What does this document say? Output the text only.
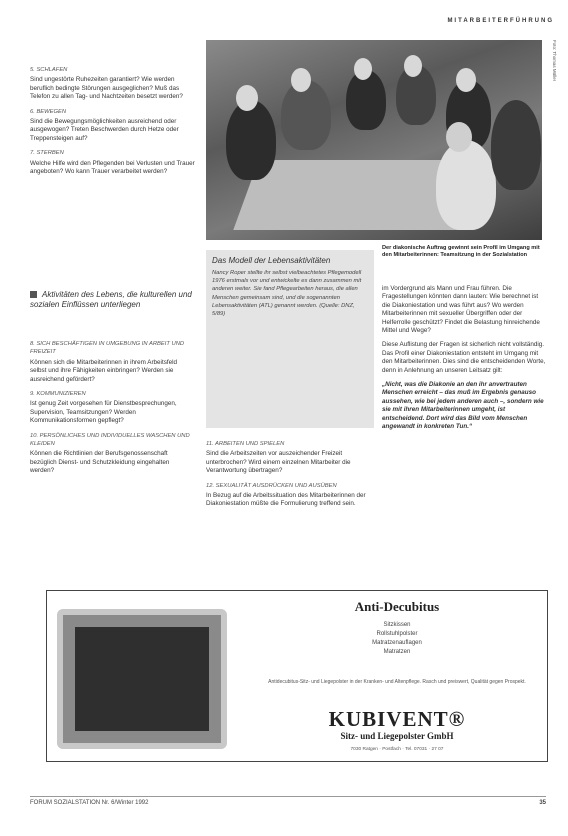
MITARBEITERFÜHRUNG
5. SCHLAFEN

Sind ungestörte Ruhezeiten garantiert? Wie werden beruflich bedingte Störungen ausgeglichen? Muß das Telefon zu allen Tag- und Nachtzeiten besetzt werden?

6. BEWEGEN

Sind die Bewegungsmöglichkeiten ausreichend oder ausgewogen? Treten Beschwerden durch Hetze oder Treppensteigen auf?

7. STERBEN

Welche Hilfe wird den Pflegenden bei Verlusten und Trauer angeboten? Wo kann Trauer verarbeitet werden?

Aktivitäten des Lebens, die kulturellen und sozialen Einflüssen unterliegen
8. SICH BESCHÄFTIGEN IN UMGEBUNG IN ARBEIT UND FREIZEIT

Können sich die Mitarbeiterinnen in ihrem Arbeitsfeld selbst und ihre Fähigkeiten einbringen? Werden sie ausreichend gefördert?

9. KOMMUNIZIEREN

Ist genug Zeit vorgesehen für Dienstbesprechungen, Supervision, Teamsitzungen? Werden Kommunikationsformen gepflegt?

10. PERSÖNLICHES UND INDIVIDUELLES WASCHEN UND KLEIDEN

Können die Richtlinien der Berufsgenossenschaft bezüglich Dienst- und Schutzkleidung eingehalten werden?

Foto: Thomas Müller
Der diakonische Auftrag gewinnt sein Profil im Umgang mit den Mitarbeiterinnen: Teamsitzung in der Sozialstation
Das Modell der Lebensaktivitäten
Nancy Roper stellte ihr selbst vielbeachtetes Pflegemodell 1976 erstmals vor und entwickelte es dann zusammen mit anderen weiter. Sie fand Pflegearbeiten heraus, die allen Menschen gemeinsam sind, und die sogenannten Lebensaktivitäten (ATL) genannt werden. (Quelle: DNZ, 5/89)
11. ARBEITEN UND SPIELEN

Sind die Arbeitszeiten vor auszeichender Freizeit unterbrochen? Wird einem einzelnen Mitarbeiter die Verantwortung übertragen?

12. SEXUALITÄT AUSDRÜCKEN UND AUSÜBEN

In Bezug auf die Arbeitssituation des Mitarbeiterinnen der Diakoniestation müßte die Formulierung treffend sein.

im Vordergrund als Mann und Frau führen. Die Fragestellungen könnten dann lauten: Wie berechnet ist die Diakoniestation und was führt aus? Wo werden Mitarbeiterinnen mit sexueller Übergriffen oder der Helferrolle geschützt? Findet die Belastung hinreichende Mittel und Wege?

Diese Auflistung der Fragen ist sicherlich nicht vollständig. Das Profil einer Diakoniestation entsteht im Umgang mit den Mitarbeiterinnen. Dies sind die entscheidenden Worte, denn in Anlehnung an unseren Leitsatz gilt:

„Nicht, was die Diakonie an den ihr anvertrauten Menschen erreicht – das muß im Ergebnis genauso aussehen, wie bei jedem anderen auch –, sondern wie sie mit ihren Mitarbeiterinnen umgeht, ist entscheidend. Dort wird das Bild vom Menschen angewandt in konkreten Tun.“

Anti-Decubitus
Sitzkissen
Rollstuhlpolster
Matratzenauflagen
Matratzen
Antidecubitus-Sitz- und Liegepolster in der Kranken- und Altenpflege. Rasch und preiswert, Qualität gegen Prospekt.
KUBIVENT®
Sitz- und Liegepolster GmbH
7030 Ratgen · Postfach · Tel. 07031 · 27 07
FORUM SOZIALSTATION Nr. 6/Winter 1992	35
